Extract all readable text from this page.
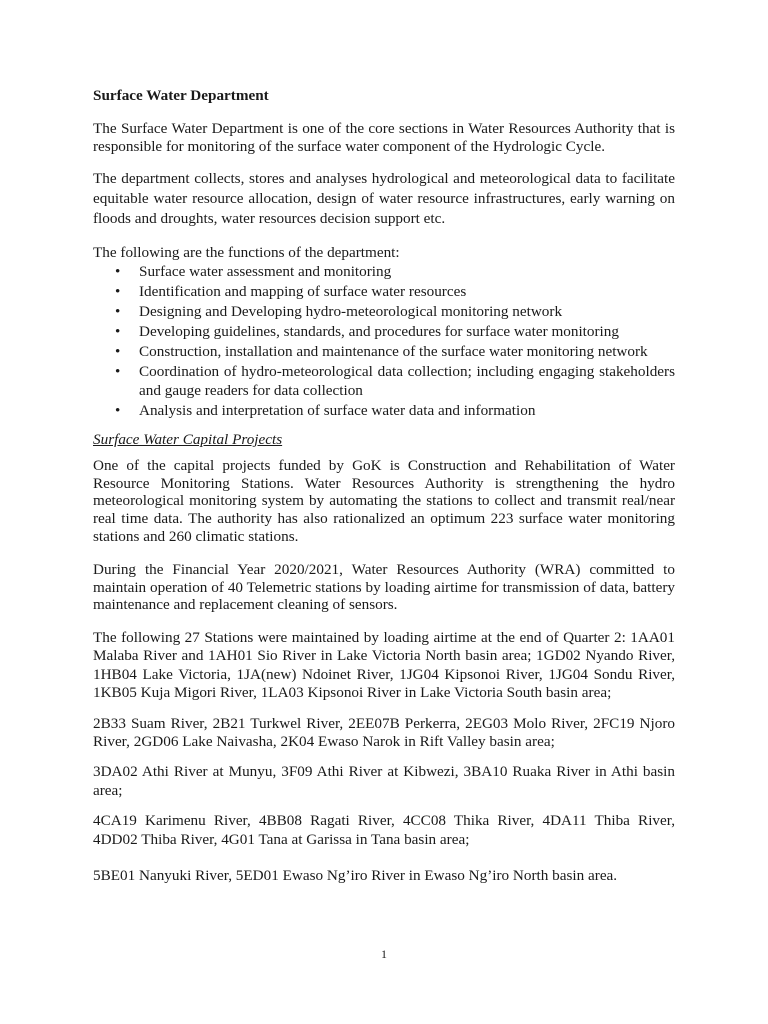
Surface Water Department

The Surface Water Department is one of the core sections in Water Resources Authority that is responsible for monitoring of the surface water component of the Hydrologic Cycle.

The department collects, stores and analyses hydrological and meteorological data to facilitate equitable water resource allocation, design of water resource infrastructures, early warning on floods and droughts, water resources decision support etc.

The following are the functions of the department:

• Surface water assessment and monitoring
• Identification and mapping of surface water resources
• Designing and Developing hydro-meteorological monitoring network
• Developing guidelines, standards, and procedures for surface water monitoring
• Construction, installation and maintenance of the surface water monitoring network
• Coordination of hydro-meteorological data collection; including engaging stakeholders and gauge readers for data collection
• Analysis and interpretation of surface water data and information

Surface Water Capital Projects

One of the capital projects funded by GoK is Construction and Rehabilitation of Water Resource Monitoring Stations. Water Resources Authority is strengthening the hydro meteorological monitoring system by automating the stations to collect and transmit real/near real time data. The authority has also rationalized an optimum 223 surface water monitoring stations and 260 climatic stations.

During the Financial Year 2020/2021, Water Resources Authority (WRA) committed to maintain operation of 40 Telemetric stations by loading airtime for transmission of data, battery maintenance and replacement cleaning of sensors.

The following 27 Stations were maintained by loading airtime at the end of Quarter 2: 1AA01 Malaba River and 1AH01 Sio River in Lake Victoria North basin area; 1GD02 Nyando River, 1HB04 Lake Victoria, 1JA(new) Ndoinet River, 1JG04 Kipsonoi River, 1JG04 Sondu River, 1KB05 Kuja Migori River, 1LA03 Kipsonoi River in Lake Victoria South basin area;

2B33 Suam River, 2B21 Turkwel River, 2EE07B Perkerra, 2EG03 Molo River, 2FC19 Njoro River, 2GD06 Lake Naivasha, 2K04 Ewaso Narok in Rift Valley basin area;

3DA02 Athi River at Munyu, 3F09 Athi River at Kibwezi, 3BA10 Ruaka River in Athi basin area;

4CA19 Karimenu River, 4BB08 Ragati River, 4CC08 Thika River, 4DA11 Thiba River, 4DD02 Thiba River, 4G01 Tana at Garissa in Tana basin area;

5BE01 Nanyuki River, 5ED01 Ewaso Ng’iro River in Ewaso Ng’iro North basin area.

1
